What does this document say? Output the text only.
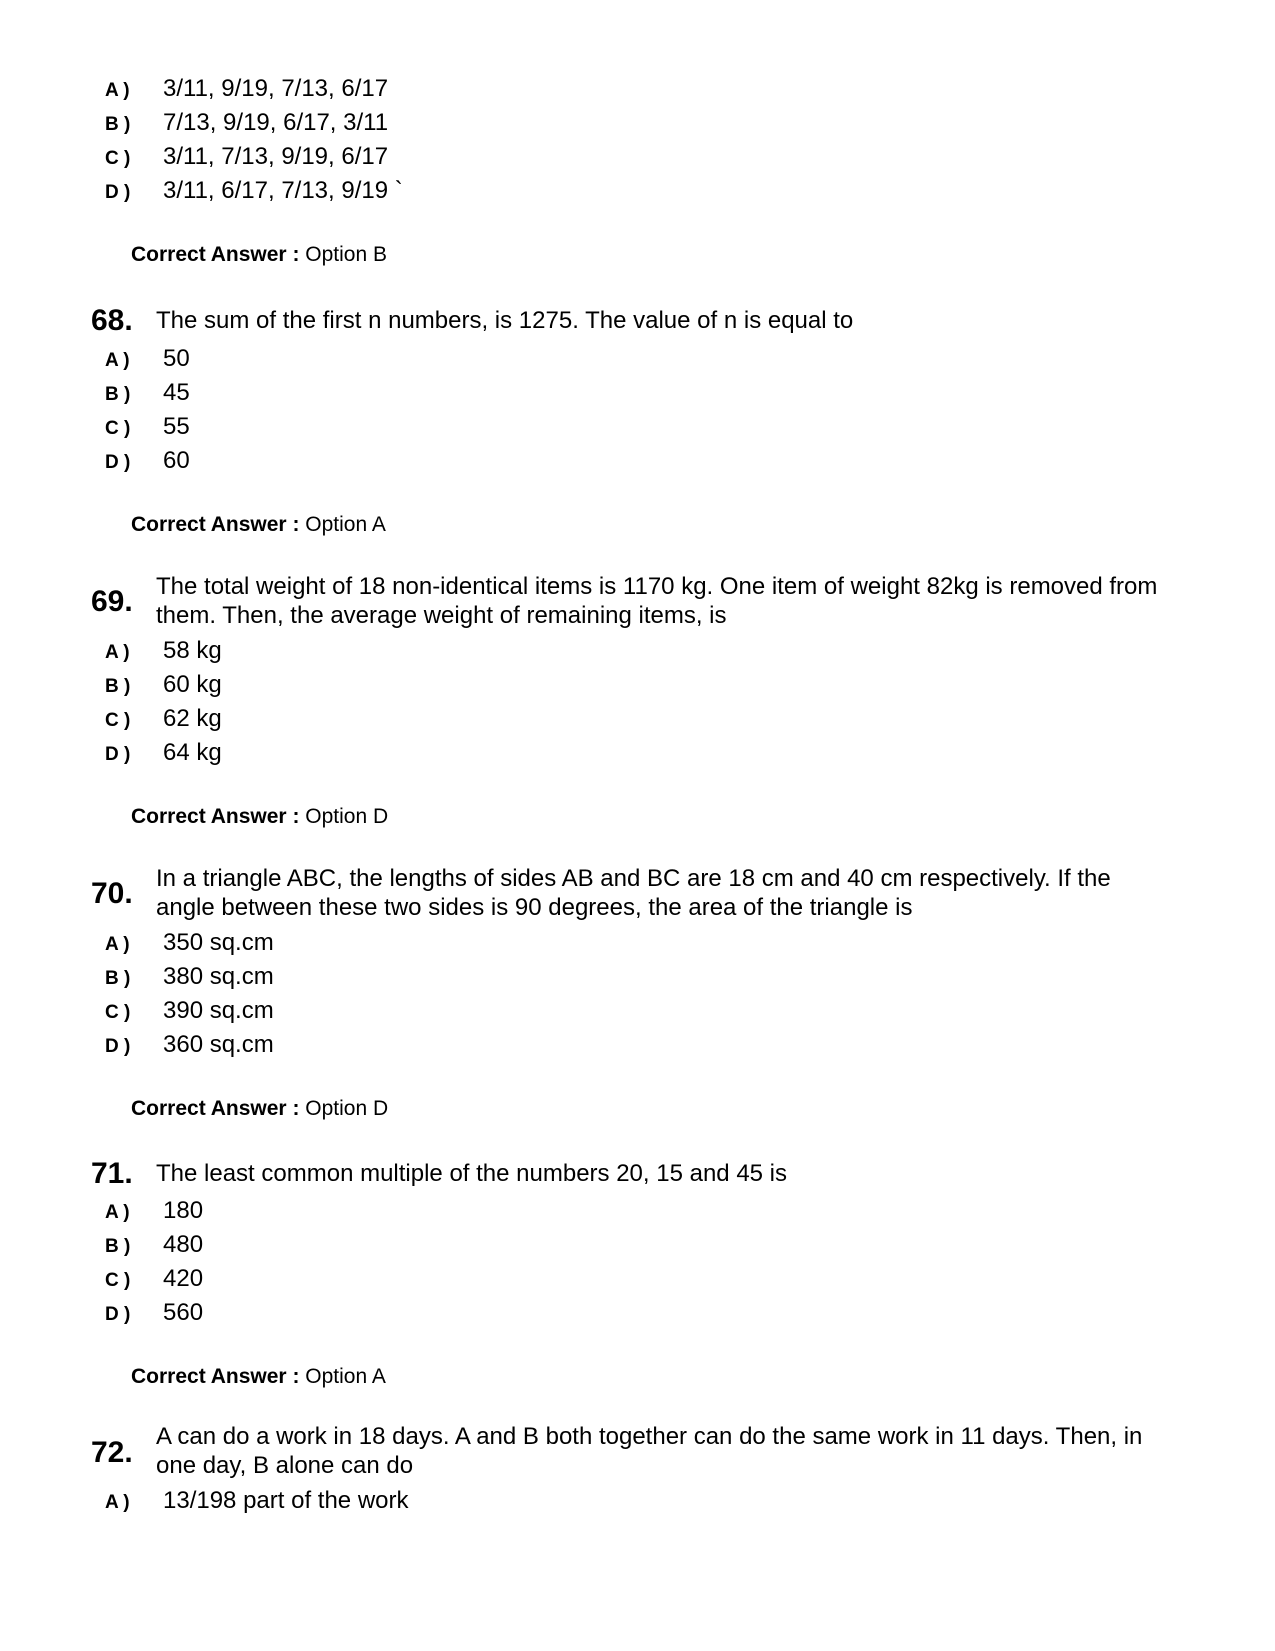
A ) 3/11, 9/19, 7/13, 6/17
B ) 7/13, 9/19, 6/17, 3/11
C ) 3/11, 7/13, 9/19, 6/17
D ) 3/11, 6/17, 7/13, 9/19 `
Correct Answer : Option B
68. The sum of the first n numbers, is 1275. The value of n is equal to
A ) 50
B ) 45
C ) 55
D ) 60
Correct Answer : Option A
69. The total weight of 18 non-identical items is 1170 kg. One item of weight 82kg is removed from them. Then, the average weight of remaining items, is
A ) 58 kg
B ) 60 kg
C ) 62 kg
D ) 64 kg
Correct Answer : Option D
70. In a triangle ABC, the lengths of sides AB and BC are 18 cm and 40 cm respectively. If the angle between these two sides is 90 degrees, the area of the triangle is
A ) 350 sq.cm
B ) 380 sq.cm
C ) 390 sq.cm
D ) 360 sq.cm
Correct Answer : Option D
71. The least common multiple of the numbers 20, 15 and 45 is
A ) 180
B ) 480
C ) 420
D ) 560
Correct Answer : Option A
72. A can do a work in 18 days. A and B both together can do the same work in 11 days. Then, in one day, B alone can do
A ) 13/198 part of the work
